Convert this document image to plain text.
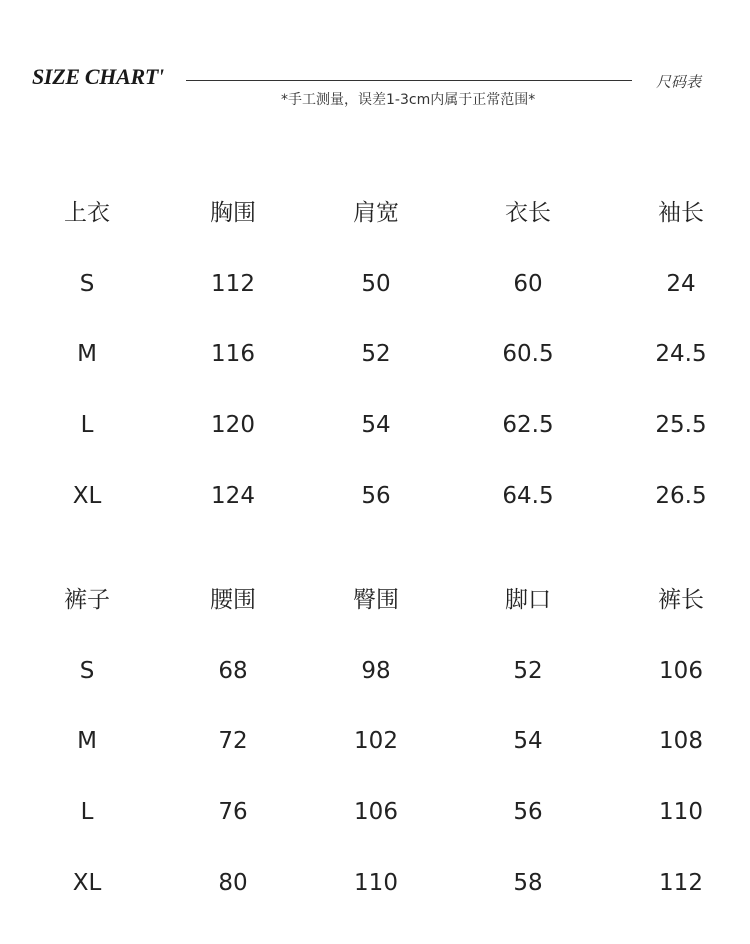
SIZE CHART'	尺码表
*手工测量，误差1-3cm内属于正常范围*
上衣	胸围	肩宽	衣长	袖长
S	112	50	60	24
M	116	52	60.5	24.5
L	120	54	62.5	25.5
XL	124	56	64.5	26.5
裤子	腰围	臀围	脚口	裤长
S	68	98	52	106
M	72	102	54	108
L	76	106	56	110
XL	80	110	58	112
